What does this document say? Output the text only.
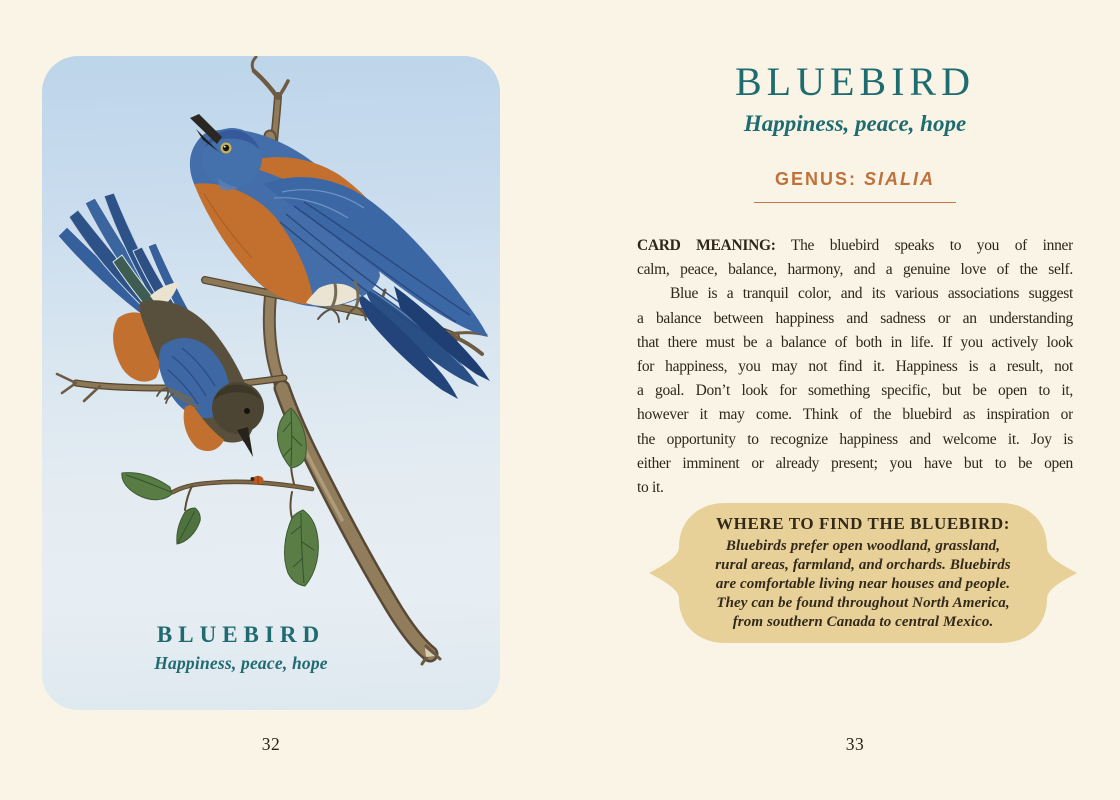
BLUEBIRD
Happiness, peace, hope
32
BLUEBIRD
Happiness, peace, hope
GENUS: SIALIA
CARD MEANING: The bluebird speaks to you of inner
calm, peace, balance, harmony, and a genuine love of the self.
Blue is a tranquil color, and its various associations suggest
a balance between happiness and sadness or an understanding
that there must be a balance of both in life. If you actively look
for happiness, you may not find it. Happiness is a result, not
a goal. Don’t look for something specific, but be open to it,
however it may come. Think of the bluebird as inspiration or
the opportunity to recognize happiness and welcome it. Joy is
either imminent or already present; you have but to be open
to it.
WHERE TO FIND THE BLUEBIRD:
Bluebirds prefer open woodland, grassland,
rural areas, farmland, and orchards. Bluebirds
are comfortable living near houses and people.
They can be found throughout North America,
from southern Canada to central Mexico.
33
